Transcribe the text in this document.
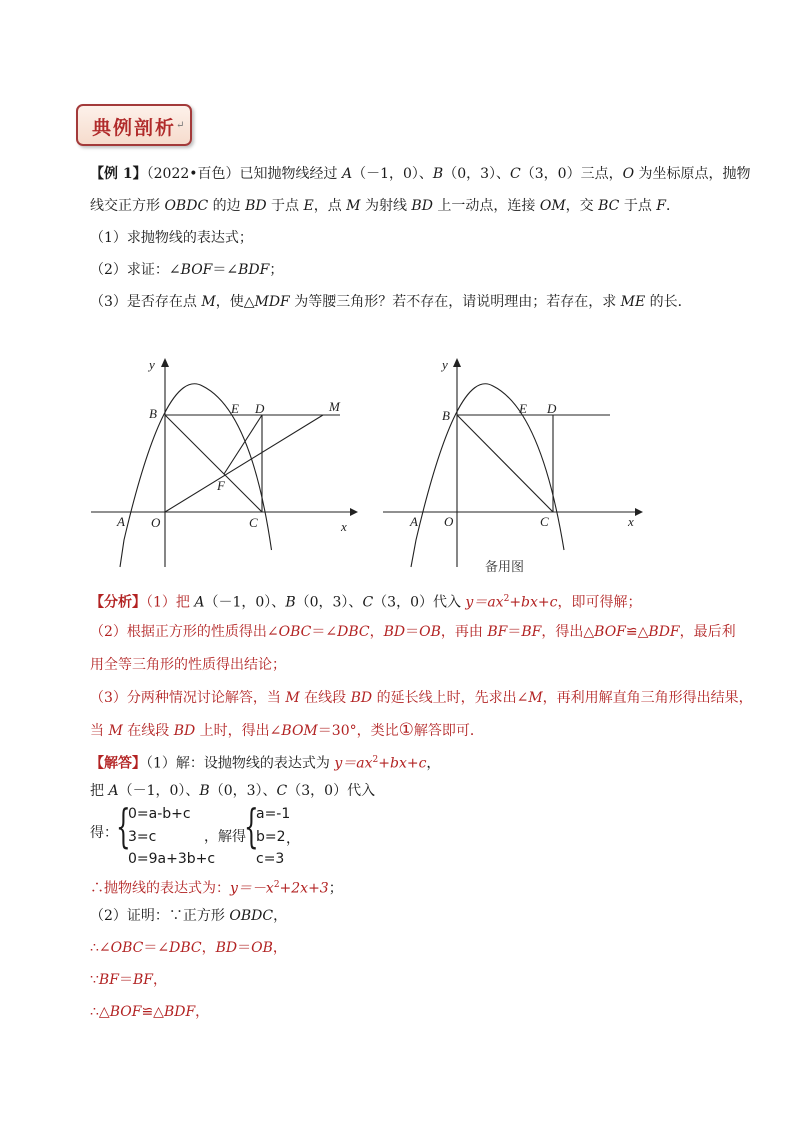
典例剖析 ↵
【例 1】（2022•百色）已知抛物线经过 A（－1，0）、B（0，3）、C（3，0）三点，O 为坐标原点，抛物
线交正方形 OBDC 的边 BD 于点 E，点 M 为射线 BD 上一动点，连接 OM，交 BC 于点 F．
（1）求抛物线的表达式；
（2）求证：∠BOF＝∠BDF；
（3）是否存在点 M，使△MDF 为等腰三角形？若不存在，请说明理由；若存在，求 ME 的长．
y
x
A O
B
C
D
E
F
M
y
x
A O
B
C
D
E
备用图
【分析】（1）把 A（－1，0）、B（0，3）、C（3，0）代入 $y=ax^2+bx+c$，即可得解；
（2）根据正方形的性质得出∠OBC＝∠DBC，BD＝OB，再由 BF＝BF，得出△BOF≌△BDF，最后利
用全等三角形的性质得出结论；
（3）分两种情况讨论解答，当 M 在线段 BD 的延长线上时，先求出∠M，再利用解直角三角形得出结果，
当 M 在线段 BD 上时，得出∠BOM＝30°，类比①解答即可．
【解答】（1）解：设抛物线的表达式为 $y=ax^2+bx+c$，
把 A（－1，0）、B（0，3）、C（3，0）代入
得：
{
0=a-b+c
3=c
0=9a+3b+c
，解得
{
a=-1
b=2
c=3
，
∴抛物线的表达式为：$y=-x^2+2x+3$；
（2）证明：∵正方形 OBDC，
∴∠OBC＝∠DBC，BD＝OB，
∵BF＝BF，
∴△BOF≌△BDF，
